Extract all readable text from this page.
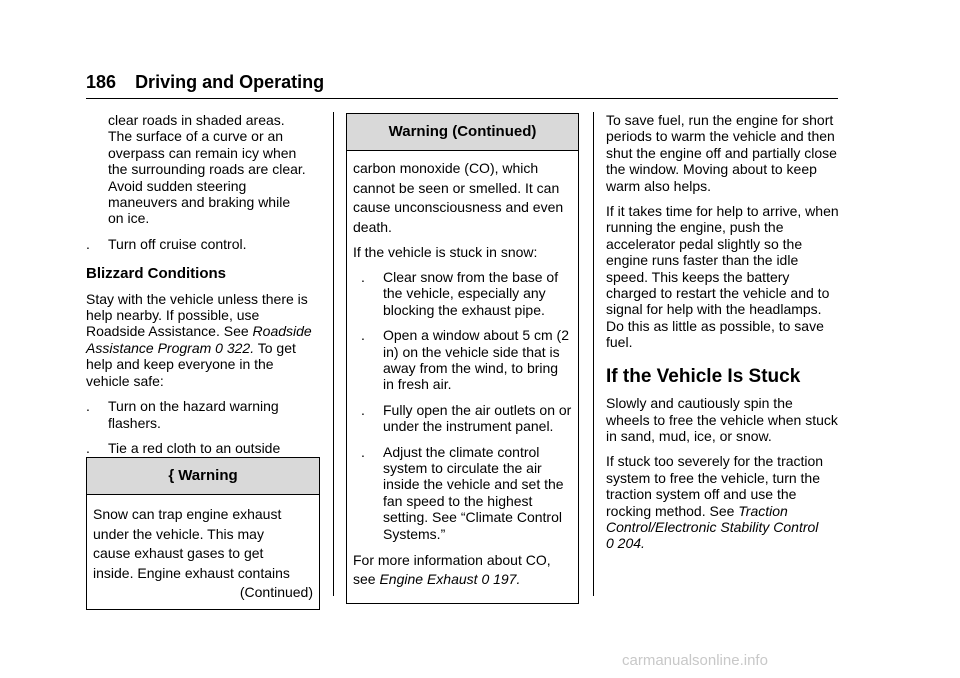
186 Driving and Operating
clear roads in shaded areas.
The surface of a curve or an
overpass can remain icy when
the surrounding roads are clear.
Avoid sudden steering
maneuvers and braking while
on ice.
.	Turn off cruise control.
Blizzard Conditions

Stay with the vehicle unless there is help nearby. If possible, use Roadside Assistance. See Roadside Assistance Program 0 322. To get help and keep everyone in the vehicle safe:

.	Turn on the hazard warning flashers.
.	Tie a red cloth to an outside
{ Warning
Snow can trap engine exhaust
under the vehicle. This may
cause exhaust gases to get
inside. Engine exhaust contains
(Continued)
Warning (Continued)

carbon monoxide (CO), which
cannot be seen or smelled. It can
cause unconsciousness and even
death.

If the vehicle is stuck in snow:

.	Clear snow from the base of the vehicle, especially any blocking the exhaust pipe.
.	Open a window about 5 cm (2 in) on the vehicle side that is away from the wind, to bring in fresh air.
.	Fully open the air outlets on or under the instrument panel.
.	Adjust the climate control system to circulate the air inside the vehicle and set the fan speed to the highest setting. See “Climate Control Systems.”

For more information about CO, see Engine Exhaust 0 197.

To save fuel, run the engine for short periods to warm the vehicle and then shut the engine off and partially close the window. Moving about to keep warm also helps.

If it takes time for help to arrive, when running the engine, push the accelerator pedal slightly so the engine runs faster than the idle speed. This keeps the battery charged to restart the vehicle and to signal for help with the headlamps. Do this as little as possible, to save fuel.

If the Vehicle Is Stuck

Slowly and cautiously spin the wheels to free the vehicle when stuck in sand, mud, ice, or snow.

If stuck too severely for the traction system to free the vehicle, turn the traction system off and use the rocking method. See Traction Control/Electronic Stability Control
0 204.

carmanualsonline.info
